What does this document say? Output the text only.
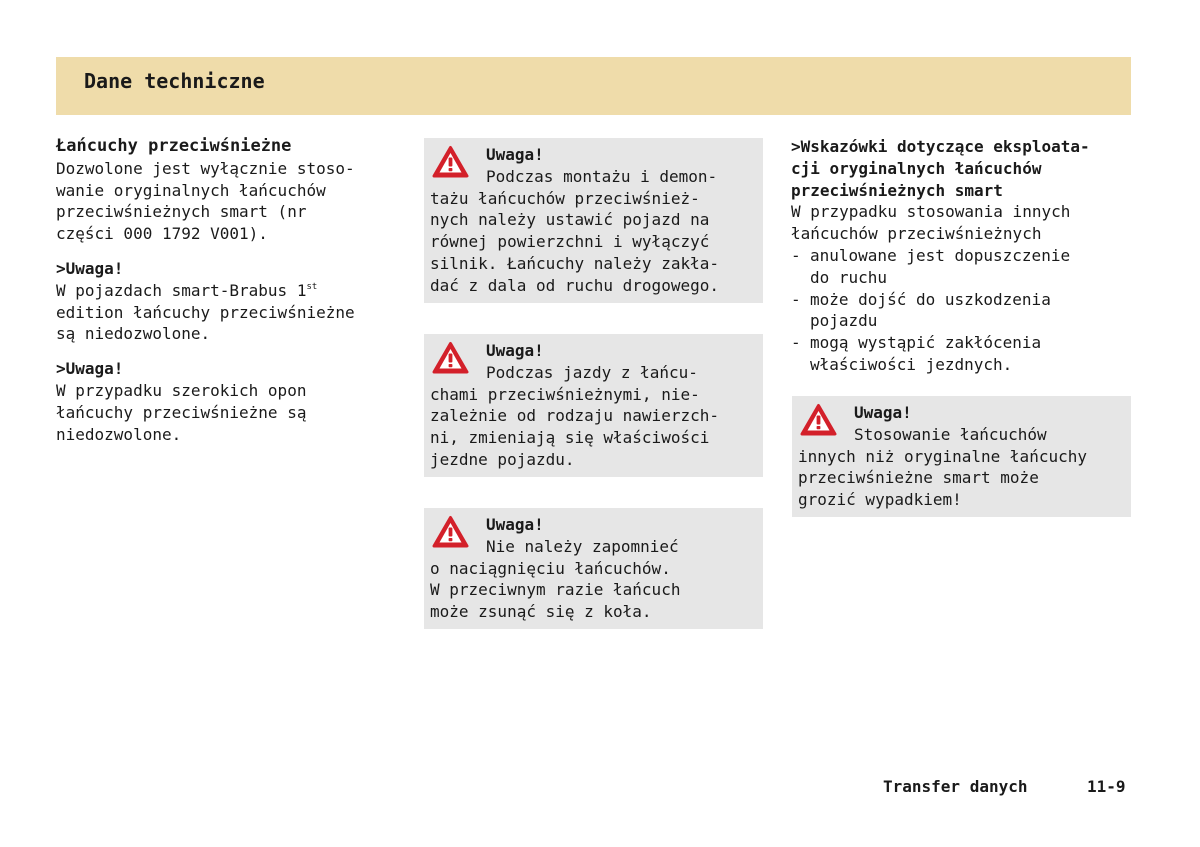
Dane techniczne

Łańcuchy przeciwśnieżne

Dozwolone jest wyłącznie stoso-

wanie oryginalnych łańcuchów

przeciwśnieżnych smart (nr

części 000 1792 V001).

>Uwaga!

W pojazdach smart-Brabus 1st

edition łańcuchy przeciwśnieżne

są niedozwolone.

>Uwaga!

W przypadku szerokich opon

łańcuchy przeciwśnieżne są

niedozwolone.

Uwaga!

Podczas montażu i demon-

tażu łańcuchów przeciwśnież-

nych należy ustawić pojazd na

równej powierzchni i wyłączyć

silnik. Łańcuchy należy zakła-

dać z dala od ruchu drogowego.

Uwaga!

Podczas jazdy z łańcu-

chami przeciwśnieżnymi, nie-

zależnie od rodzaju nawierzch-

ni, zmieniają się właściwości

jezdne pojazdu.

Uwaga!

Nie należy zapomnieć

o naciągnięciu łańcuchów.

W przeciwnym razie łańcuch

może zsunąć się z koła.

>Wskazówki dotyczące eksploata-

cji oryginalnych łańcuchów

przeciwśnieżnych smart

W przypadku stosowania innych

łańcuchów przeciwśnieżnych

- anulowane jest dopuszczenie

do ruchu

- może dojść do uszkodzenia

pojazdu

- mogą wystąpić zakłócenia

właściwości jezdnych.

Uwaga!

Stosowanie łańcuchów

innych niż oryginalne łańcuchy

przeciwśnieżne smart może

grozić wypadkiem!

Transfer danych	11-9
